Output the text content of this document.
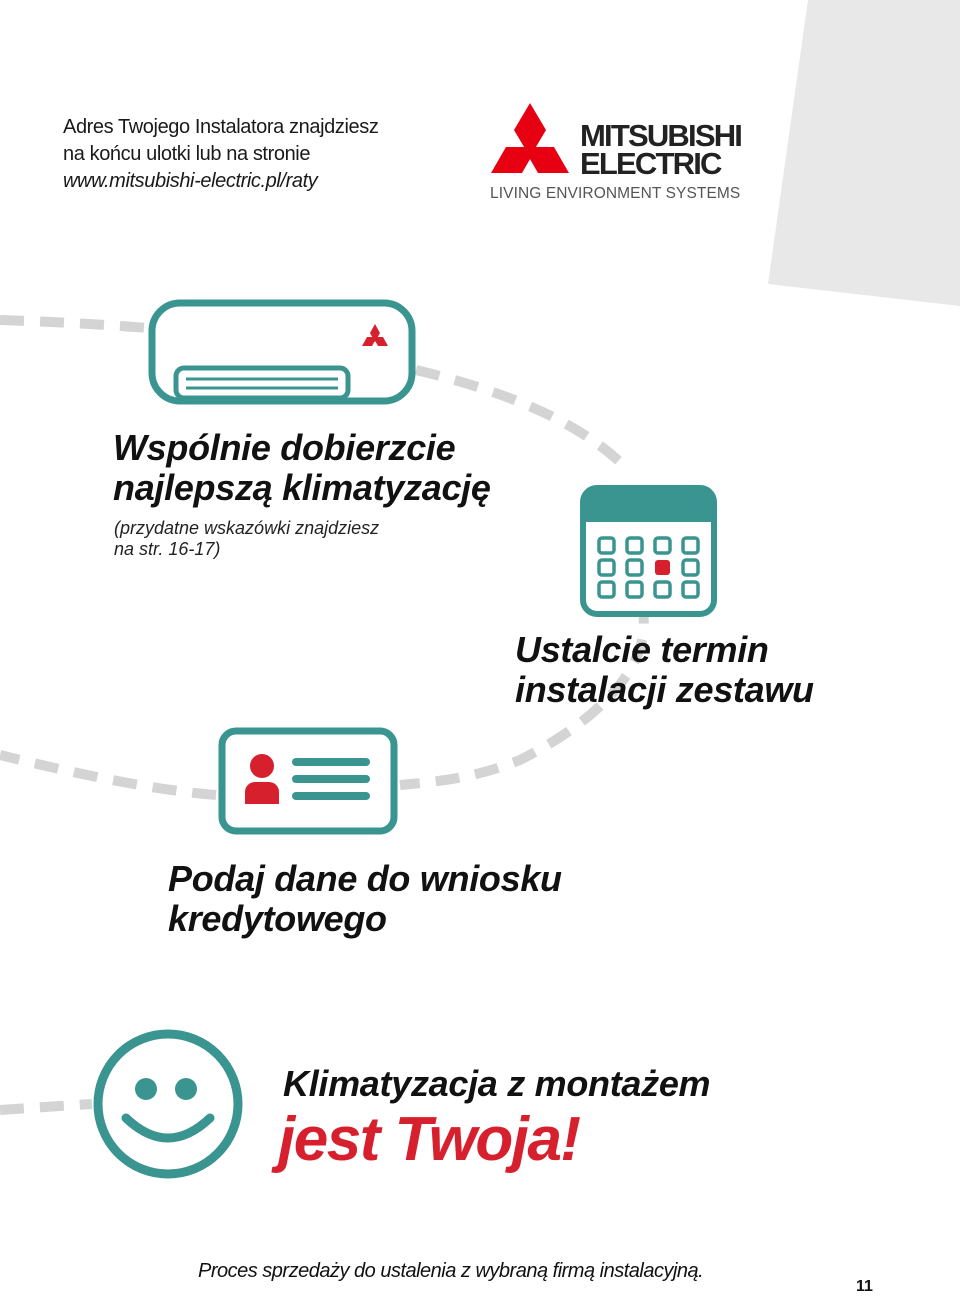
Adres Twojego Instalatora znajdziesz
na końcu ulotki lub na stronie
www.mitsubishi-electric.pl/raty
MITSUBISHI
ELECTRIC
LIVING ENVIRONMENT SYSTEMS
Wspólnie dobierzcie
najlepszą klimatyzację
(przydatne wskazówki znajdziesz
na str. 16-17)
Ustalcie termin
instalacji zestawu
Podaj dane do wniosku
kredytowego
Klimatyzacja z montażem
jest Twoja!
Proces sprzedaży do ustalenia z wybraną firmą instalacyjną.
11
